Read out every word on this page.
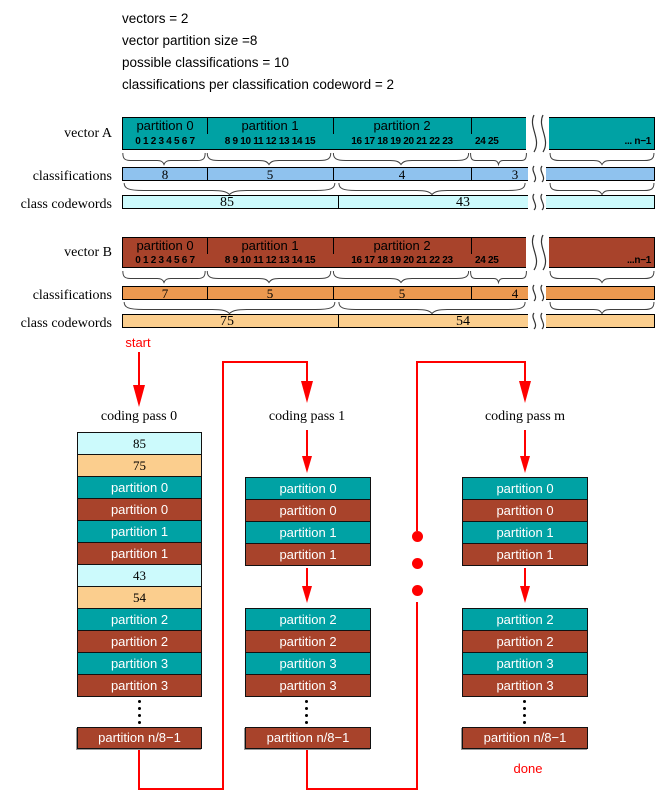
vectors = 2
vector partition size =8
possible classifications = 10
classifications per classification codeword = 2
vector A
partition 0	partition 1	partition 2
0 1 2 3 4 5 6 7	8 9 10 11 12 13 14 15	16 17 18 19 20 21 22 23	24 25	... n−1
classifications	8	5	4	3
class codewords	85	43
vector B	partition 0	partition 1	partition 2
0 1 2 3 4 5 6 7	8 9 10 11 12 13 14 15	16 17 18 19 20 21 22 23	24 25	...n−1
classifications	7	5	5	4
class codewords	75	54
start
coding pass 0	coding pass 1	coding pass m
85
75
partition 0
partition 0
partition 1
partition 1
43
54
partition 2
partition 2
partition 3
partition 3
partition 0
partition 0
partition 1
partition 1
partition 2
partition 2
partition 3
partition 3
partition 0
partition 0
partition 1
partition 1
partition 2
partition 2
partition 3
partition 3
partition n/8−1	partition n/8−1	partition n/8−1
done
